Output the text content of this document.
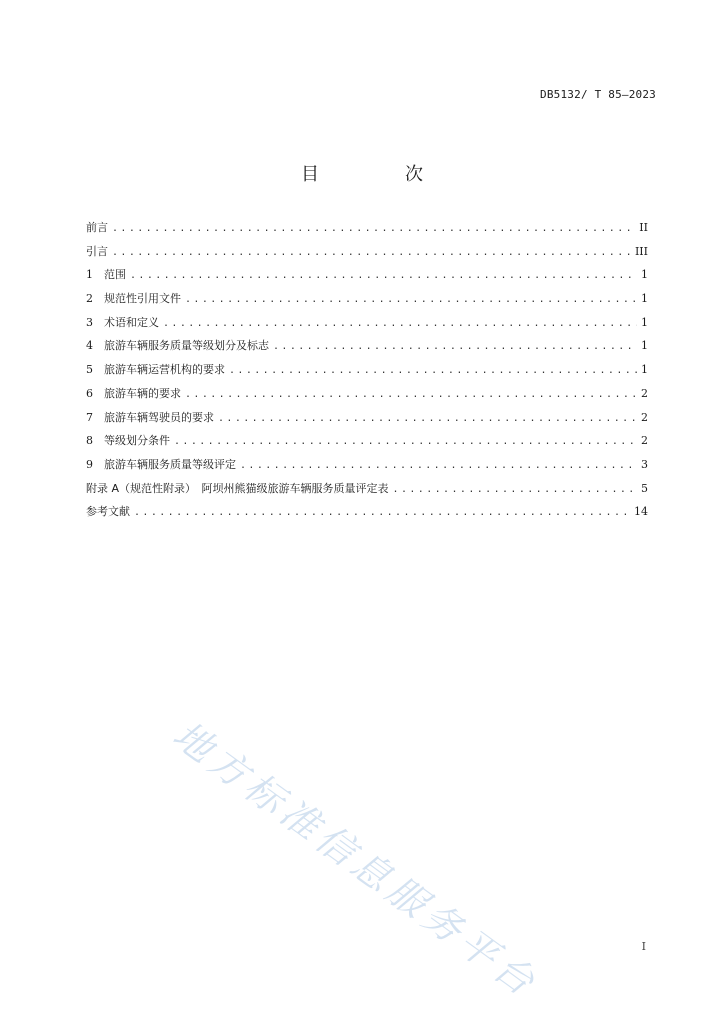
DB5132/ T 85—2023
目　次
前言 .....	II
引言 .....	III
1	范围 .....	1
2	规范性引用文件 .....	1
3	术语和定义 .....	1
4	旅游车辆服务质量等级划分及标志 .....	1
5	旅游车辆运营机构的要求 .....	1
6	旅游车辆的要求 .....	2
7	旅游车辆驾驶员的要求 .....	2
8	等级划分条件 .....	2
9	旅游车辆服务质量等级评定 .....	3
附录 A（规范性附录）　阿坝州熊猫级旅游车辆服务质量评定表 .....	5
参考文献 .....	14
地方标准信息服务平台	I
